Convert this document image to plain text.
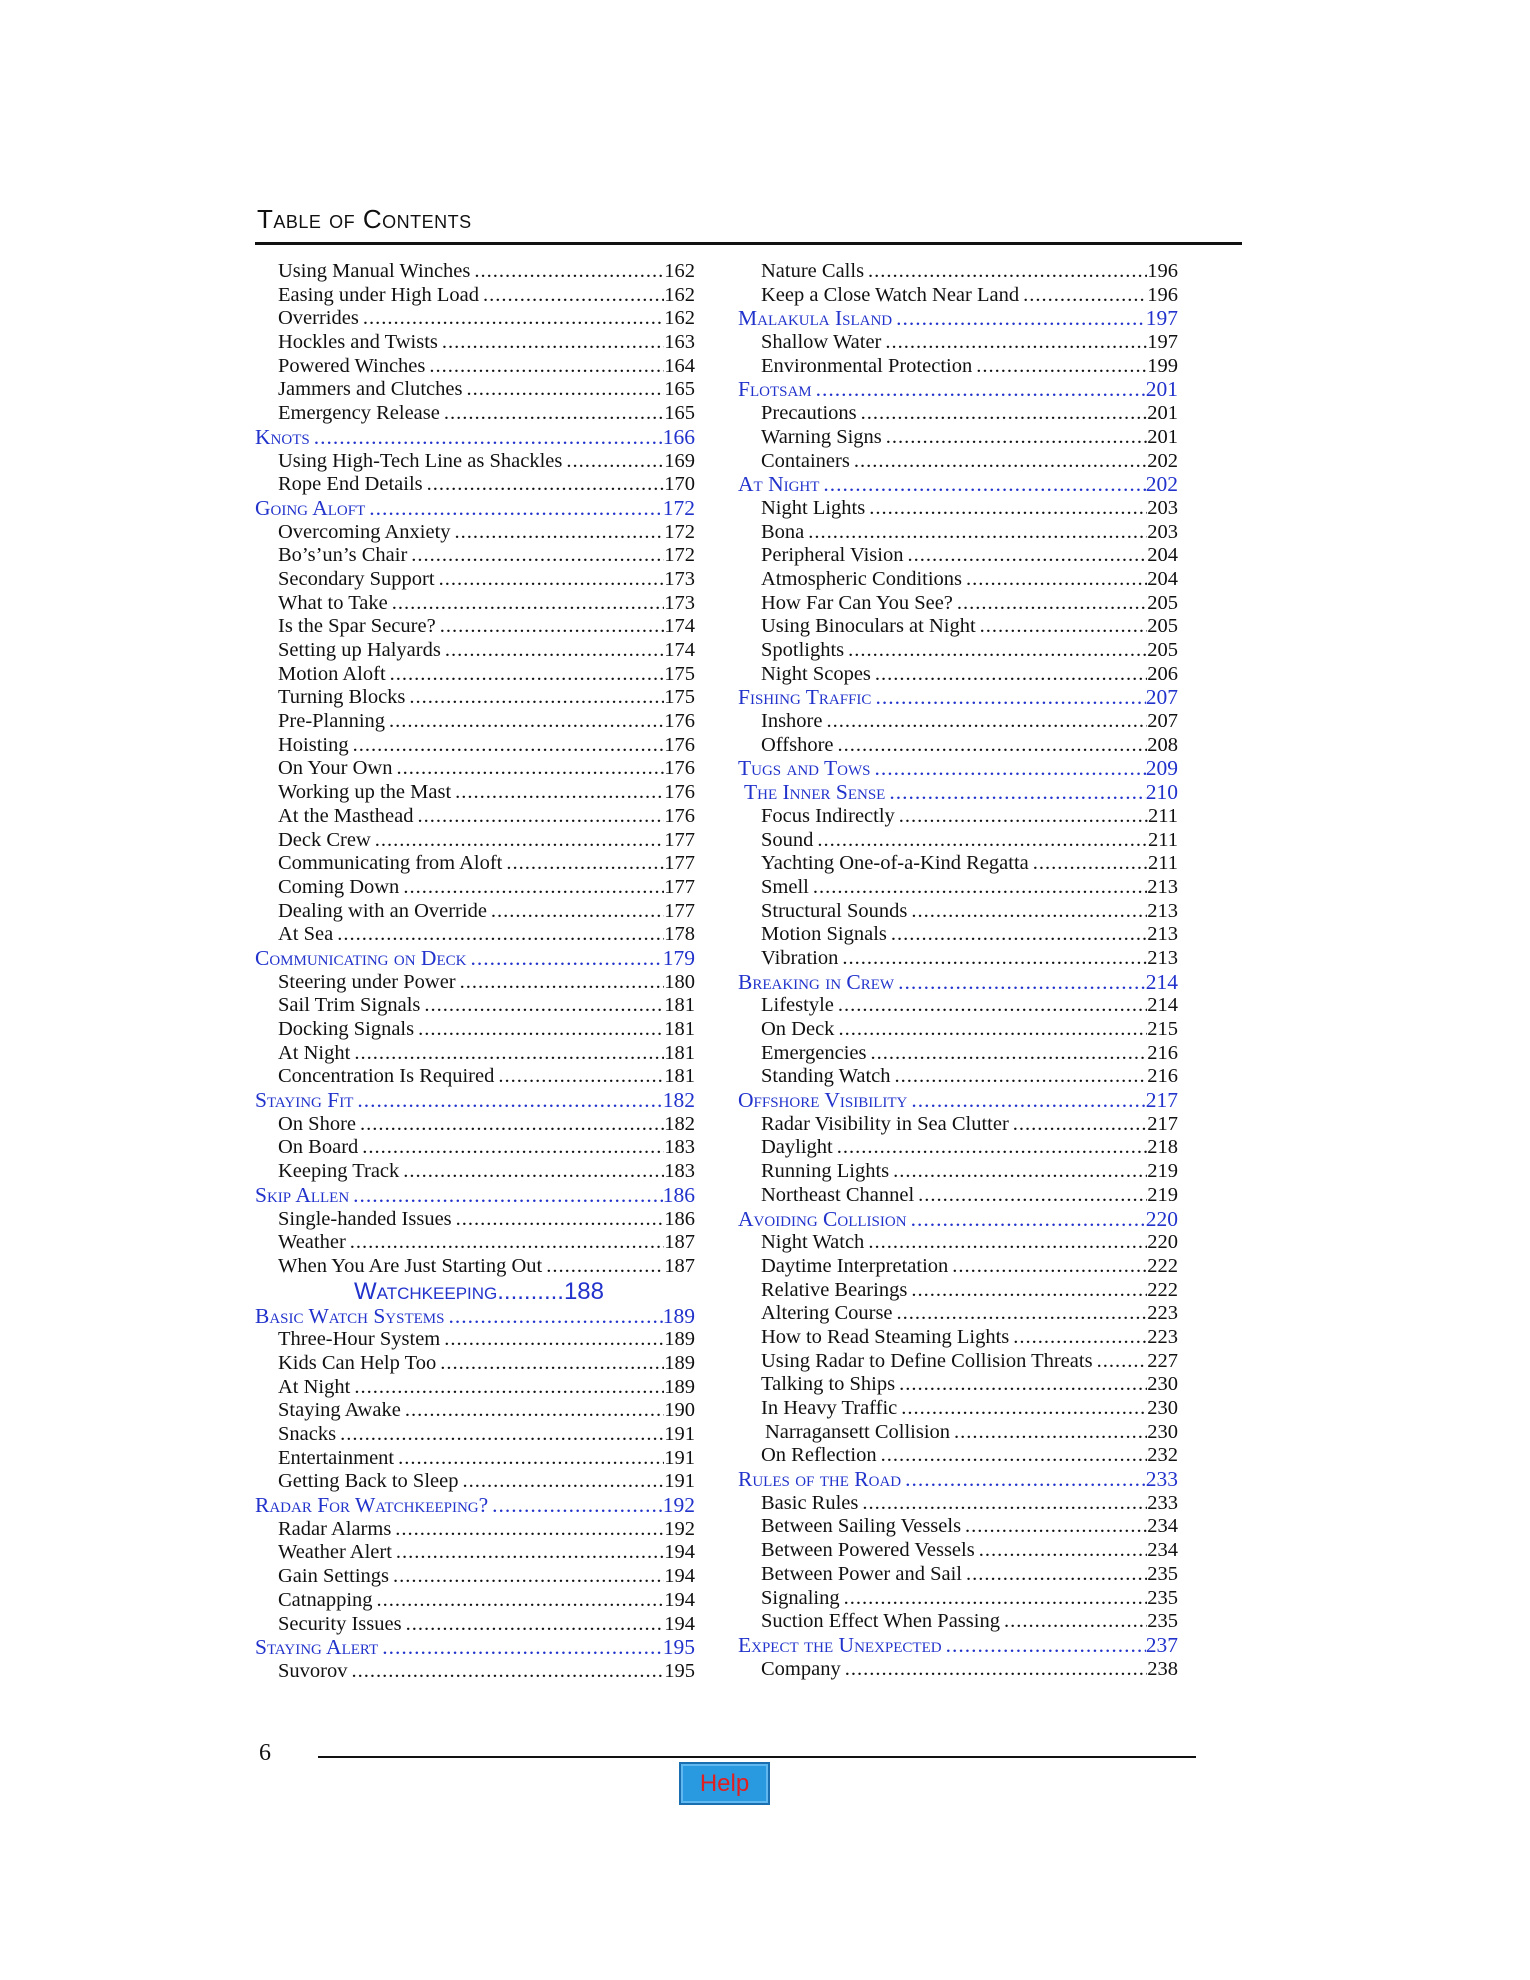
Table of Contents
Using Manual Winches .....	162
Easing under High Load .....	162
Overrides .....	162
Hockles and Twists .....	163
Powered Winches .....	164
Jammers and Clutches .....	165
Emergency Release .....	165
Knots .....	166
Using High-Tech Line as Shackles .....	169
Rope End Details .....	170
Going Aloft .....	172
Overcoming Anxiety .....	172
Bo’s’un’s Chair .....	172
Secondary Support .....	173
What to Take .....	173
Is the Spar Secure? .....	174
Setting up Halyards .....	174
Motion Aloft .....	175
Turning Blocks .....	175
Pre-Planning .....	176
Hoisting .....	176
On Your Own .....	176
Working up the Mast .....	176
At the Masthead .....	176
Deck Crew .....	177
Communicating from Aloft .....	177
Coming Down .....	177
Dealing with an Override .....	177
At Sea .....	178
Communicating on Deck .....	179
Steering under Power .....	180
Sail Trim Signals .....	181
Docking Signals .....	181
At Night .....	181
Concentration Is Required .....	181
Staying Fit .....	182
On Shore .....	182
On Board .....	183
Keeping Track .....	183
Skip Allen .....	186
Single-handed Issues .....	186
Weather .....	187
When You Are Just Starting Out .....	187
Watchkeeping..........188
Basic Watch Systems .....	189
Three-Hour System .....	189
Kids Can Help Too .....	189
At Night .....	189
Staying Awake .....	190
Snacks .....	191
Entertainment .....	191
Getting Back to Sleep .....	191
Radar For Watchkeeping? .....	192
Radar Alarms .....	192
Weather Alert .....	194
Gain Settings .....	194
Catnapping .....	194
Security Issues .....	194
Staying Alert .....	195
Suvorov .....	195
Nature Calls .....	196
Keep a Close Watch Near Land .....	196
Malakula Island .....	197
Shallow Water .....	197
Environmental Protection .....	199
Flotsam .....	201
Precautions .....	201
Warning Signs .....	201
Containers .....	202
At Night .....	202
Night Lights .....	203
Bona .....	203
Peripheral Vision .....	204
Atmospheric Conditions .....	204
How Far Can You See? .....	205
Using Binoculars at Night .....	205
Spotlights .....	205
Night Scopes .....	206
Fishing Traffic .....	207
Inshore .....	207
Offshore .....	208
Tugs and Tows .....	209
The Inner Sense .....	210
Focus Indirectly .....	211
Sound .....	211
Yachting One-of-a-Kind Regatta .....	211
Smell .....	213
Structural Sounds .....	213
Motion Signals .....	213
Vibration .....	213
Breaking in Crew .....	214
Lifestyle .....	214
On Deck .....	215
Emergencies .....	216
Standing Watch .....	216
Offshore Visibility .....	217
Radar Visibility in Sea Clutter .....	217
Daylight .....	218
Running Lights .....	219
Northeast Channel .....	219
Avoiding Collision .....	220
Night Watch .....	220
Daytime Interpretation .....	222
Relative Bearings .....	222
Altering Course .....	223
How to Read Steaming Lights .....	223
Using Radar to Define Collision Threats .....	227
Talking to Ships .....	230
In Heavy Traffic .....	230
Narragansett Collision .....	230
On Reflection .....	232
Rules of the Road .....	233
Basic Rules .....	233
Between Sailing Vessels .....	234
Between Powered Vessels .....	234
Between Power and Sail .....	235
Signaling .....	235
Suction Effect When Passing .....	235
Expect the Unexpected .....	237
Company .....	238
6
Help
